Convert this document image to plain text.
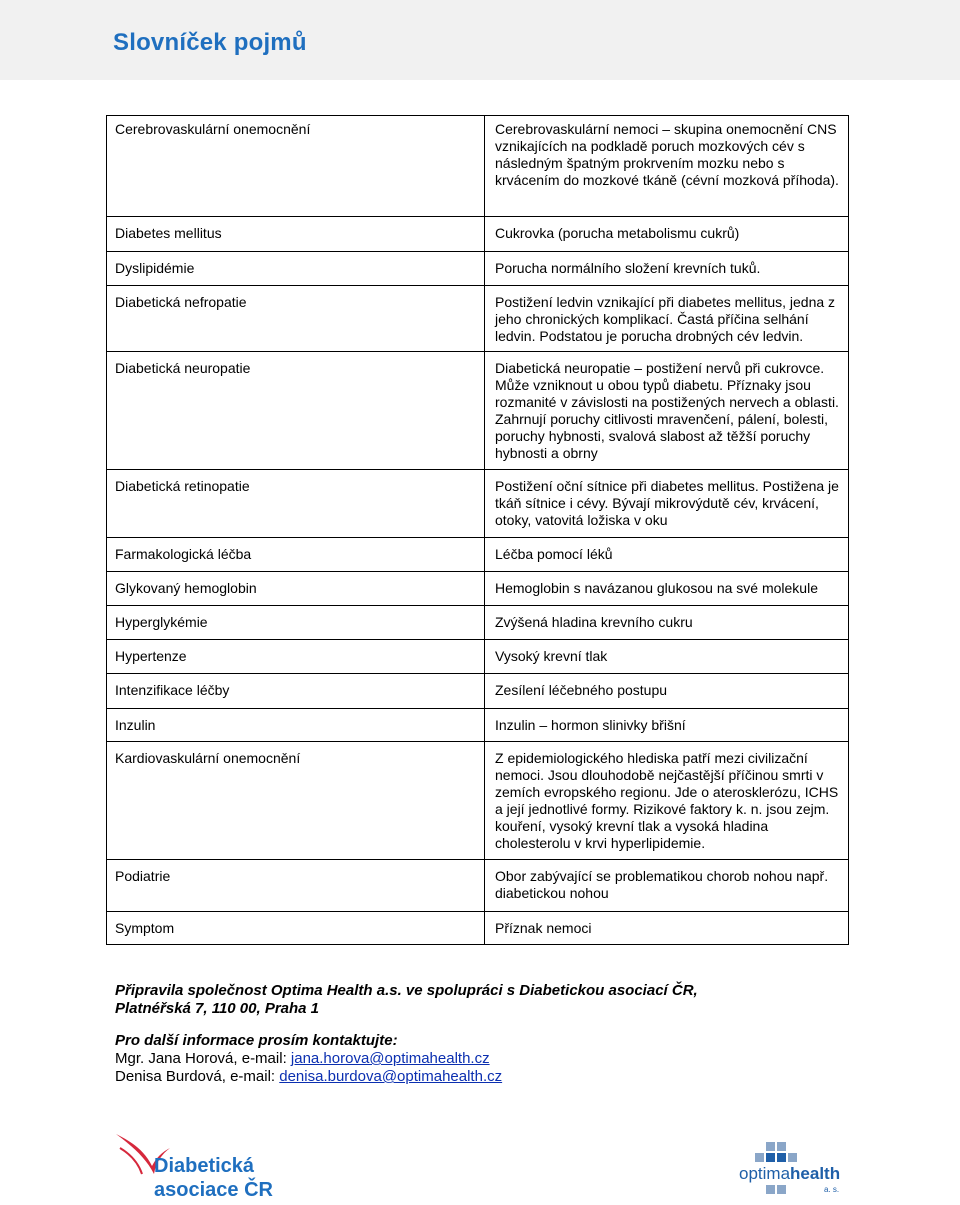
Slovníček pojmů
Cerebrovaskulární onemocnění	Cerebrovaskulární nemoci – skupina onemocnění CNS vznikajících na podkladě poruch mozkových cév s následným špatným prokrvením mozku nebo s krvácením do mozkové tkáně (cévní mozková příhoda).

Diabetes mellitus	Cukrovka (porucha metabolismu cukrů)

Dyslipidémie	Porucha normálního složení krevních tuků.

Diabetická nefropatie	Postižení ledvin vznikající při diabetes mellitus, jedna z jeho chronických komplikací. Častá příčina selhání ledvin. Podstatou je porucha drobných cév ledvin.

Diabetická neuropatie	Diabetická neuropatie – postižení nervů při cukrovce. Může vzniknout u obou typů diabetu. Příznaky jsou rozmanité v závislosti na postižených nervech a oblasti. Zahrnují poruchy citlivosti mravenčení, pálení, bolesti, poruchy hybnosti, svalová slabost až těžší poruchy hybnosti a obrny

Diabetická retinopatie	Postižení oční sítnice při diabetes mellitus. Postižena je tkáň sítnice i cévy. Bývají mikrovýdutě cév, krvácení, otoky, vatovitá ložiska v oku

Farmakologická léčba	Léčba pomocí léků

Glykovaný hemoglobin	Hemoglobin s navázanou glukosou na své molekule

Hyperglykémie	Zvýšená hladina krevního cukru

Hypertenze	Vysoký krevní tlak

Intenzifikace léčby	Zesílení léčebného postupu

Inzulin	Inzulin – hormon slinivky břišní

Kardiovaskulární onemocnění	Z epidemiologického hlediska patří mezi civilizační nemoci. Jsou dlouhodobě nejčastější příčinou smrti v zemích evropského regionu. Jde o aterosklerózu, ICHS a její jednotlivé formy. Rizikové faktory k. n. jsou zejm. kouření, vysoký krevní tlak a vysoká hladina cholesterolu v krvi hyperlipidemie.

Podiatrie	Obor zabývající se problematikou chorob nohou např. diabetickou nohou

Symptom	Příznak nemoci
Připravila společnost Optima Health a.s. ve spolupráci s Diabetickou asociací ČR,
Platnéřská 7, 110 00, Praha 1
Pro další informace prosím kontaktujte:
Mgr. Jana Horová, e-mail: jana.horova@optimahealth.cz
Denisa Burdová, e-mail: denisa.burdova@optimahealth.cz
Diabetická
asociace ČR
optimahealth
a. s.
